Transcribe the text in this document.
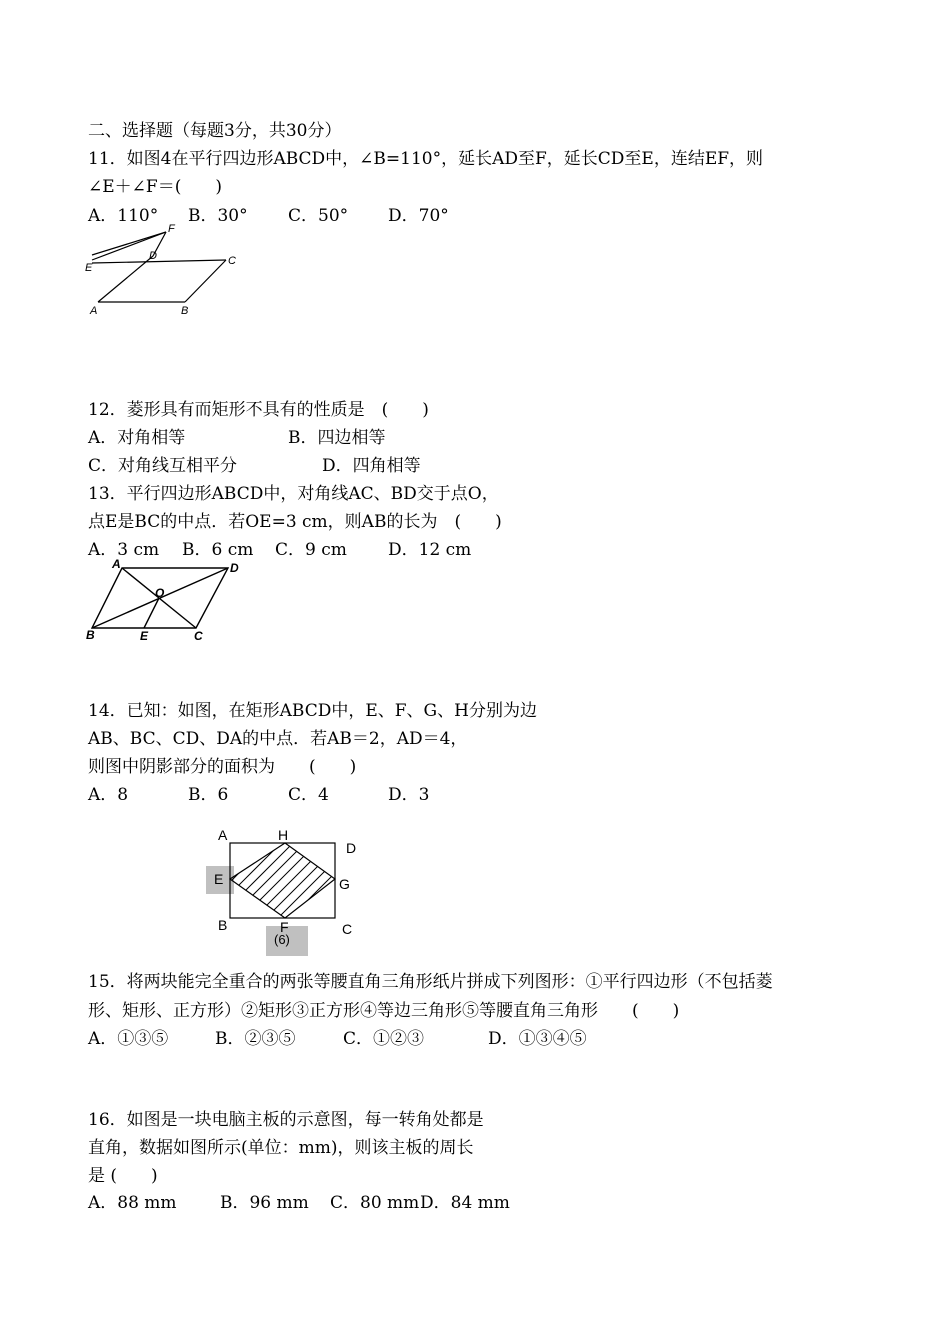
二、选择题（每题3分，共30分）
11．如图4在平行四边形ABCD中，∠B=110°，延长AD至F，延长CD至E，连结EF，则
∠E＋∠F＝(　　)
A．110° B．30° C．50° D．70°
F
D	C
E
A	B
12．菱形具有而矩形不具有的性质是　(　　)
A．对角相等	B．四边相等
C．对角线互相平分	D．四角相等
13．平行四边形ABCD中，对角线AC、BD交于点O，
点E是BC的中点．若OE=3 cm，则AB的长为　(　　)
A．3 cm B．6 cm C．9 cm D．12 cm
A	D
O
B	E	C
14．已知：如图，在矩形ABCD中，E、F、G、H分别为边
AB、BC、CD、DA的中点．若AB＝2，AD＝4，
则图中阴影部分的面积为　　(　　)
A．8	B．6	C．4	D．3
A	H
D
E	G
B	F	C
(6)
15．将两块能完全重合的两张等腰直角三角形纸片拼成下列图形：①平行四边形（不包括菱
形、矩形、正方形）②矩形③正方形④等边三角形⑤等腰直角三角形　　(　　)
A．①③⑤	B．②③⑤	C．①②③	D．①③④⑤
16．如图是一块电脑主板的示意图，每一转角处都是
直角，数据如图所示(单位：mm)，则该主板的周长
是 (　　)
A．88 mm	B．96 mm C．80 mm D．84 mm
